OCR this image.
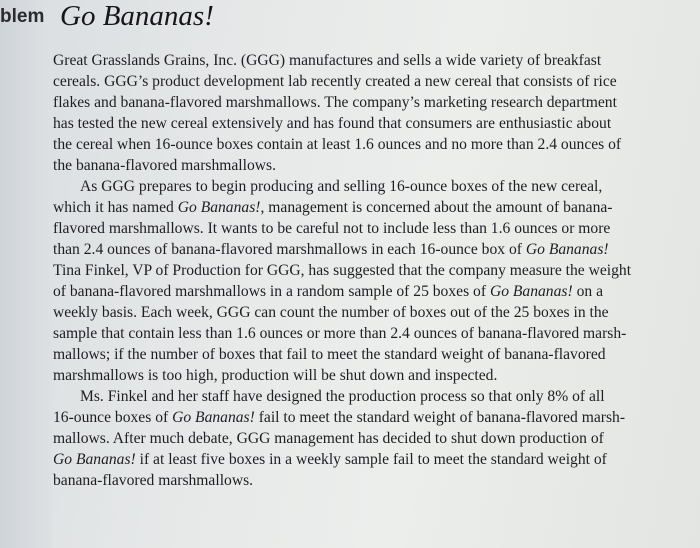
blem Go Bananas!

Great Grasslands Grains, Inc. (GGG) manufactures and sells a wide variety of breakfast
cereals. GGG’s product development lab recently created a new cereal that consists of rice
flakes and banana-flavored marshmallows. The company’s marketing research department
has tested the new cereal extensively and has found that consumers are enthusiastic about
the cereal when 16-ounce boxes contain at least 1.6 ounces and no more than 2.4 ounces of
the banana-flavored marshmallows.

As GGG prepares to begin producing and selling 16-ounce boxes of the new cereal,
which it has named Go Bananas!, management is concerned about the amount of banana-
flavored marshmallows. It wants to be careful not to include less than 1.6 ounces or more
than 2.4 ounces of banana-flavored marshmallows in each 16-ounce box of Go Bananas!
Tina Finkel, VP of Production for GGG, has suggested that the company measure the weight
of banana-flavored marshmallows in a random sample of 25 boxes of Go Bananas! on a
weekly basis. Each week, GGG can count the number of boxes out of the 25 boxes in the
sample that contain less than 1.6 ounces or more than 2.4 ounces of banana-flavored marsh-
mallows; if the number of boxes that fail to meet the standard weight of banana-flavored
marshmallows is too high, production will be shut down and inspected.

Ms. Finkel and her staff have designed the production process so that only 8% of all
16-ounce boxes of Go Bananas! fail to meet the standard weight of banana-flavored marsh-
mallows. After much debate, GGG management has decided to shut down production of
Go Bananas! if at least five boxes in a weekly sample fail to meet the standard weight of
banana-flavored marshmallows.
